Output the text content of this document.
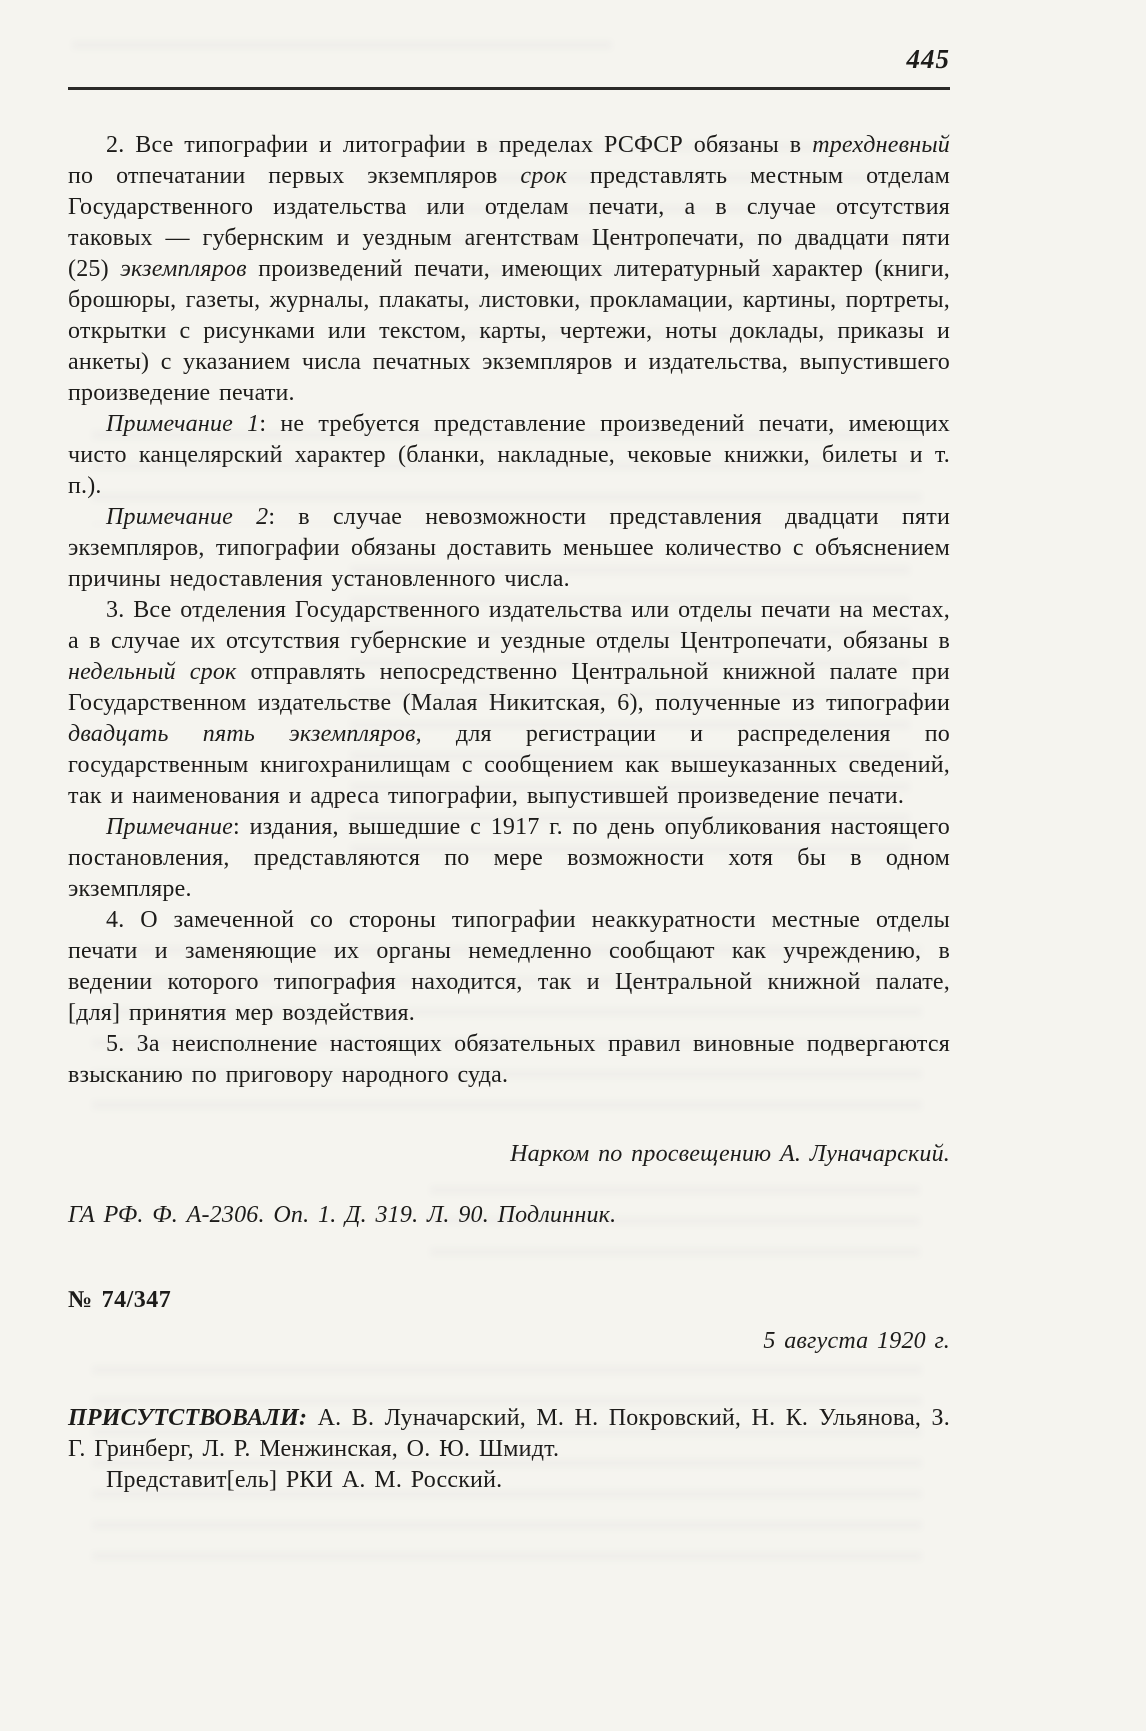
445

2. Все типографии и литографии в пределах РСФСР обязаны в трехдневный по отпечатании первых экземпляров срок представлять местным отделам Государственного издательства или отделам печати, а в случае отсутствия таковых — губернским и уездным агентствам Центропечати, по двадцати пяти (25) экземпляров произведений печати, имеющих литературный характер (книги, брошюры, газеты, журналы, плакаты, листовки, прокламации, картины, портреты, открытки с рисунками или текстом, карты, чертежи, ноты доклады, приказы и анкеты) с указанием числа печатных экземпляров и издательства, выпустившего произведение печати.

Примечание 1: не требуется представление произведений печати, имеющих чисто канцелярский характер (бланки, накладные, чековые книжки, билеты и т. п.).

Примечание 2: в случае невозможности представления двадцати пяти экземпляров, типографии обязаны доставить меньшее количество с объяснением причины недоставления установленного числа.

3. Все отделения Государственного издательства или отделы печати на местах, а в случае их отсутствия губернские и уездные отделы Центропечати, обязаны в недельный срок отправлять непосредственно Центральной книжной палате при Государственном издательстве (Малая Никитская, 6), полученные из типографии двадцать пять экземпляров, для регистрации и распределения по государственным книгохранилищам с сообщением как вышеуказанных сведений, так и наименования и адреса типографии, выпустившей произведение печати.

Примечание: издания, вышедшие с 1917 г. по день опубликования настоящего постановления, представляются по мере возможности хотя бы в одном экземпляре.

4. О замеченной со стороны типографии неаккуратности местные отделы печати и заменяющие их органы немедленно сообщают как учреждению, в ведении которого типография находится, так и Центральной книжной палате, [для] принятия мер воздействия.

5. За неисполнение настоящих обязательных правил виновные подвергаются взысканию по приговору народного суда.

Нарком по просвещению А. Луначарский.

ГА РФ. Ф. А-2306. Оп. 1. Д. 319. Л. 90. Подлинник.

№ 74/347

5 августа 1920 г.

ПРИСУТСТВОВАЛИ: А. В. Луначарский, М. Н. Покровский, Н. К. Ульянова, З. Г. Гринберг, Л. Р. Менжинская, О. Ю. Шмидт.

Представит[ель] РКИ А. М. Росский.
